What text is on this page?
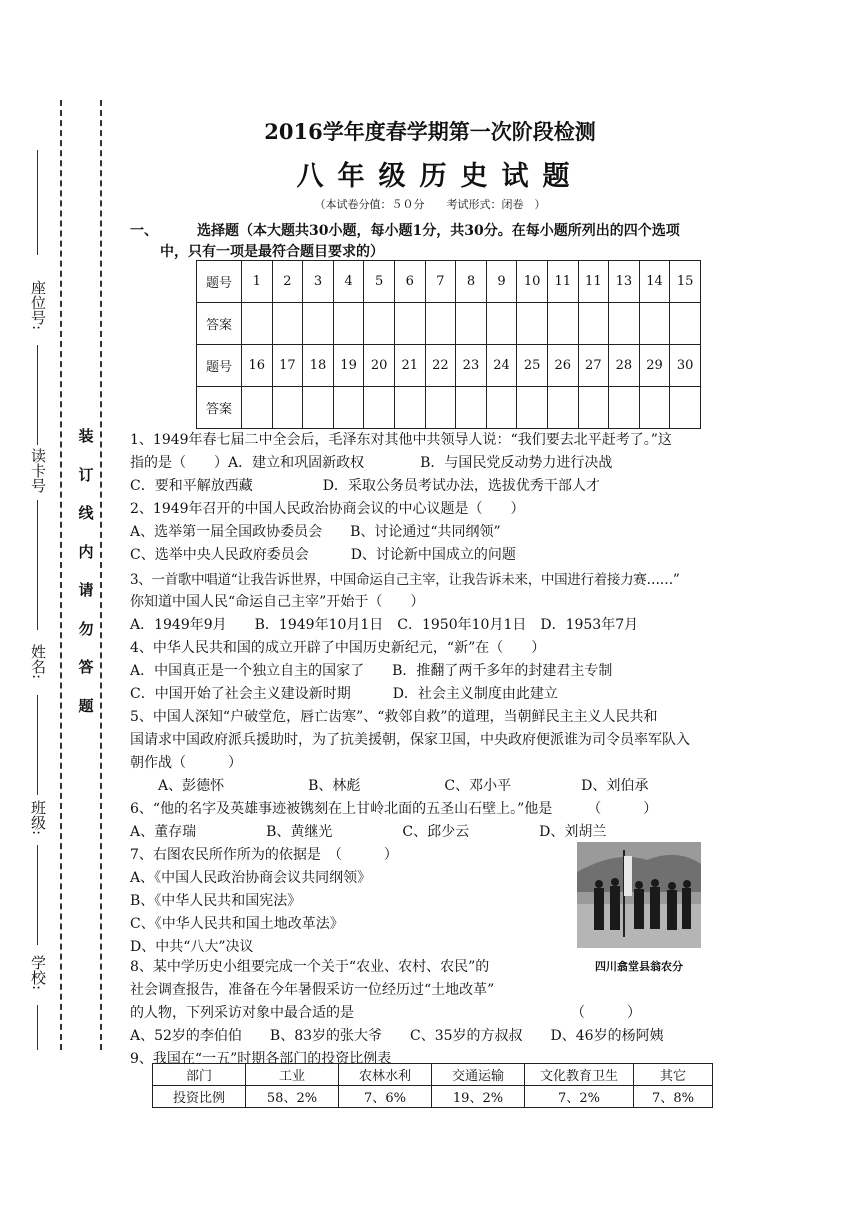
座位号:
读卡号
姓名:
班级:
学校:
装
订
线
内
请
勿
答
题
2016学年度春学期第一次阶段检测
八年级历史试题
（本试卷分值：５０分　　考试形式：闭卷　）
一、        选择题（本大题共30小题，每小题1分，共30分。在每小题所列出的四个选项
中，只有一项是最符合题目要求的）
题号	1	2	3	4	5	6	7	8	9	10	11	11	13	14	15
答案															
题号	16	17	18	19	20	21	22	23	24	25	26	27	28	29	30
答案															
1、1949年春七届二中全会后，毛泽东对其他中共领导人说：“我们要去北平赶考了。”这
指的是（　　）A．建立和巩固新政权　　　　B．与国民党反动势力进行决战
C．要和平解放西藏　　　　　D．采取公务员考试办法，选拔优秀干部人才
2、1949年召开的中国人民政治协商会议的中心议题是（　　）
A、选举第一届全国政协委员会　　B、讨论通过“共同纲领”
C、选举中央人民政府委员会　　　D、讨论新中国成立的问题
3、一首歌中唱道“让我告诉世界，中国命运自己主宰，让我告诉未来，中国进行着接力赛……”
你知道中国人民“命运自己主宰”开始于（　　）
A．1949年9月　　B．1949年10月1日　C．1950年10月1日　D．1953年7月
4、中华人民共和国的成立开辟了中国历史新纪元，“新”在（　　）
A．中国真正是一个独立自主的国家了　　B．推翻了两千多年的封建君主专制
C．中国开始了社会主义建设新时期　　　D．社会主义制度由此建立
5、中国人深知“户破堂危，唇亡齿寒”、“救邻自救”的道理，当朝鲜民主主义人民共和
国请求中国政府派兵援助时，为了抗美援朝，保家卫国，中央政府便派谁为司令员率军队入
朝作战（　　　）
　　A、彭德怀　　　　　　B、林彪　　　　　　C、邓小平　　　　　D、刘伯承
6、“他的名字及英雄事迹被镌刻在上甘岭北面的五圣山石壁上。”他是　　　（　　　）
A、董存瑞　　　　　B、黄继光　　　　　C、邱少云　　　　　D、刘胡兰
7、右图农民所作所为的依据是　（　　　）
A、《中国人民政治协商会议共同纲领》
B、《中华人民共和国宪法》
C、《中华人民共和国土地改革法》
D、中共“八大”决议
8、某中学历史小组要完成一个关于“农业、农村、农民”的
社会调查报告，准备在今年暑假采访一位经历过“土地改革”
的人物，下列采访对象中最合适的是　　　　　　　　　　　　　　　　（　　　）
A、52岁的李伯伯　　B、83岁的张大爷　　C、35岁的方叔叔　　D、46岁的杨阿姨
9、我国在“一五”时期各部门的投资比例表
四川翕堂县翁农分
部门	工业	农林水利	交通运输	文化教育卫生	其它
投资比例	58、2%	7、6%	19、2%	7、2%	7、8%
